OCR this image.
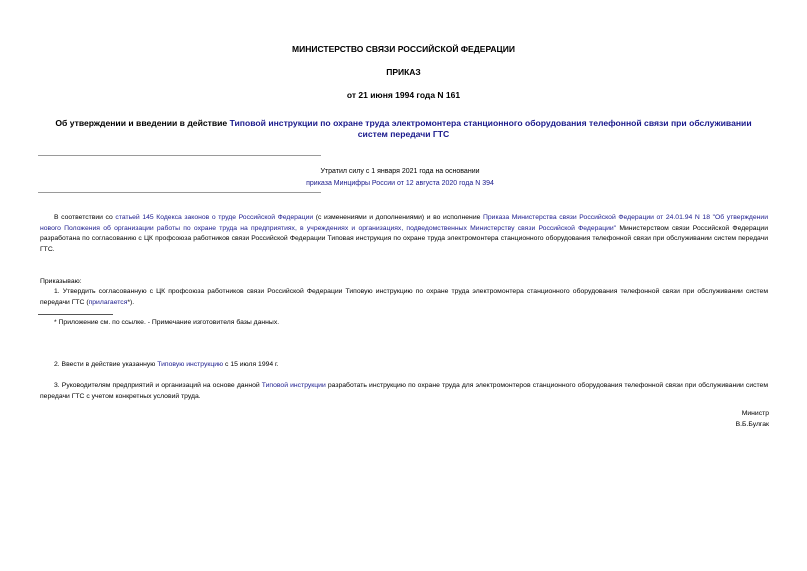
МИНИСТЕРСТВО СВЯЗИ РОССИЙСКОЙ ФЕДЕРАЦИИ
ПРИКАЗ
от 21 июня 1994 года N 161
Об утверждении и введении в действие Типовой инструкции по охране труда электромонтера станционного оборудования телефонной связи при обслуживании систем передачи ГТС
Утратил силу с 1 января 2021 года на основании
приказа Минцифры России от 12 августа 2020 года N 394
В соответствии со статьей 145 Кодекса законов о труде Российской Федерации (с изменениями и дополнениями) и во исполнение Приказа Министерства связи Российской Федерации от 24.01.94 N 18 "Об утверждении нового Положения об организации работы по охране труда на предприятиях, в учреждениях и организациях, подведомственных Министерству связи Российской Федерации" Министерством связи Российской Федерации разработана по согласованию с ЦК профсоюза работников связи Российской Федерации Типовая инструкция по охране труда электромонтера станционного оборудования телефонной связи при обслуживании систем передачи ГТС.
Приказываю:
1. Утвердить согласованную с ЦК профсоюза работников связи Российской Федерации Типовую инструкцию по охране труда электромонтера станционного оборудования телефонной связи при обслуживании систем передачи ГТС (прилагается*).
* Приложение см. по ссылке. - Примечание изготовителя базы данных.
2. Ввести в действие указанную Типовую инструкцию с 15 июля 1994 г.
3. Руководителям предприятий и организаций на основе данной Типовой инструкции разработать инструкцию по охране труда для электромонтеров станционного оборудования телефонной связи при обслуживании систем передачи ГТС с учетом конкретных условий труда.
Министр
В.Б.Булгак
